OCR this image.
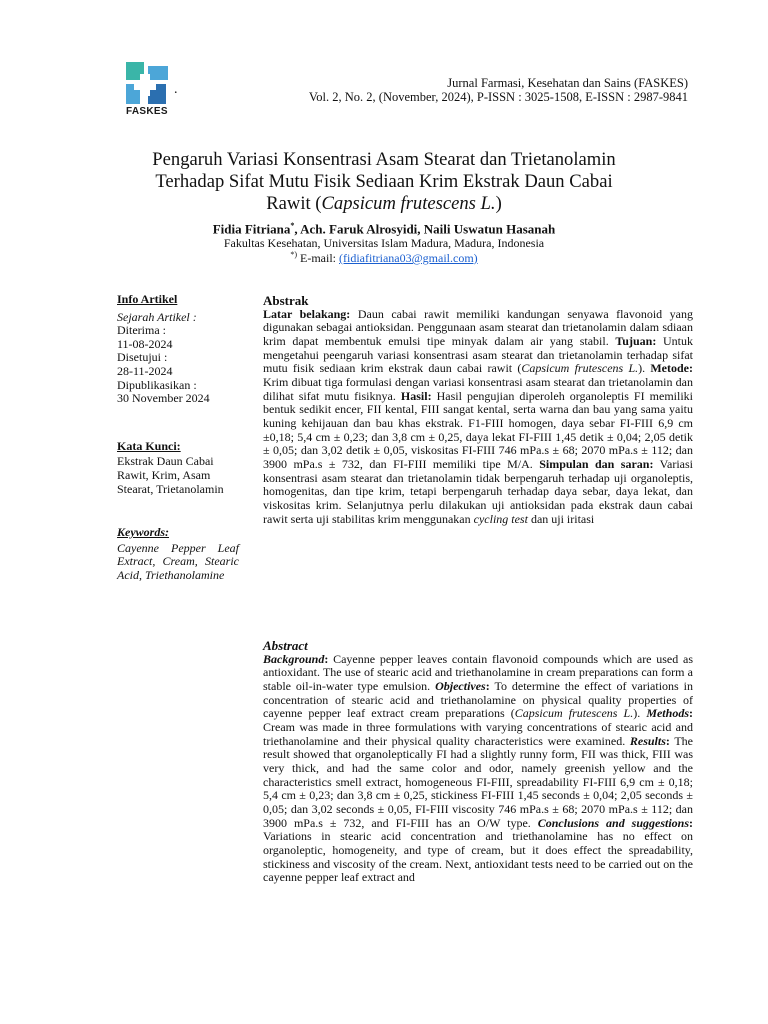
.
FASKES
Jurnal Farmasi, Kesehatan dan Sains (FASKES)
Vol. 2, No. 2, (November, 2024), P-ISSN : 3025-1508, E-ISSN : 2987-9841
Pengaruh Variasi Konsentrasi Asam Stearat dan Trietanolamin
Terhadap Sifat Mutu Fisik Sediaan Krim Ekstrak Daun Cabai
Rawit (Capsicum frutescens L.)
Fidia Fitriana*, Ach. Faruk Alrosyidi, Naili Uswatun Hasanah
Fakultas Kesehatan, Universitas Islam Madura, Madura, Indonesia
*) E-mail: (fidiafitriana03@gmail.com)
Info Artikel
Sejarah Artikel :
Diterima :
11-08-2024
Disetujui :
28-11-2024
Dipublikasikan :
30 November 2024
Kata Kunci:
Ekstrak Daun Cabai Rawit, Krim, Asam Stearat, Trietanolamin
Keywords:
Cayenne Pepper Leaf Extract, Cream, Stearic Acid, Triethanolamine
Abstrak
Latar belakang: Daun cabai rawit memiliki kandungan senyawa flavonoid yang digunakan sebagai antioksidan. Penggunaan asam stearat dan trietanolamin dalam sdiaan krim dapat membentuk emulsi tipe minyak dalam air yang stabil. Tujuan: Untuk mengetahui peengaruh variasi konsentrasi asam stearat dan trietanolamin terhadap sifat mutu fisik sediaan krim ekstrak daun cabai rawit (Capsicum frutescens L.). Metode: Krim dibuat tiga formulasi dengan variasi konsentrasi asam stearat dan trietanolamin dan dilihat sifat mutu fisiknya. Hasil: Hasil pengujian diperoleh organoleptis FI memiliki bentuk sedikit encer, FII kental, FIII sangat kental, serta warna dan bau yang sama yaitu kuning kehijauan dan bau khas ekstrak. F1-FIII homogen, daya sebar FI-FIII 6,9 cm ±0,18; 5,4 cm ± 0,23; dan 3,8 cm ± 0,25, daya lekat FI-FIII 1,45 detik ± 0,04; 2,05 detik ± 0,05; dan 3,02 detik ± 0,05, viskositas FI-FIII 746 mPa.s ± 68; 2070 mPa.s ± 112; dan 3900 mPa.s ± 732, dan FI-FIII memiliki tipe M/A. Simpulan dan saran: Variasi konsentrasi asam stearat dan trietanolamin tidak berpengaruh terhadap uji organoleptis, homogenitas, dan tipe krim, tetapi berpengaruh terhadap daya sebar, daya lekat, dan viskositas krim. Selanjutnya perlu dilakukan uji antioksidan pada ekstrak daun cabai rawit serta uji stabilitas krim menggunakan cycling test dan uji iritasi
Abstract
Background: Cayenne pepper leaves contain flavonoid compounds which are used as antioxidant. The use of stearic acid and triethanolamine in cream preparations can form a stable oil-in-water type emulsion. Objectives: To determine the effect of variations in concentration of stearic acid and triethanolamine on physical quality properties of cayenne pepper leaf extract cream preparations (Capsicum frutescens L.). Methods: Cream was made in three formulations with varying concentrations of stearic acid and triethanolamine and their physical quality characteristics were examined. Results: The result showed that organoleptically FI had a slightly runny form, FII was thick, FIII was very thick, and had the same color and odor, namely greenish yellow and the characteristics smell extract, homogeneous FI-FIII, spreadability FI-FIII 6,9 cm ± 0,18; 5,4 cm ± 0,23; dan 3,8 cm ± 0,25, stickiness FI-FIII 1,45 seconds ± 0,04; 2,05 seconds ± 0,05; dan 3,02 seconds ± 0,05, FI-FIII viscosity 746 mPa.s ± 68; 2070 mPa.s ± 112; dan 3900 mPa.s ± 732, and FI-FIII has an O/W type. Conclusions and suggestions: Variations in stearic acid concentration and triethanolamine has no effect on organoleptic, homogeneity, and type of cream, but it does effect the spreadability, stickiness and viscosity of the cream. Next, antioxidant tests need to be carried out on the cayenne pepper leaf extract and
